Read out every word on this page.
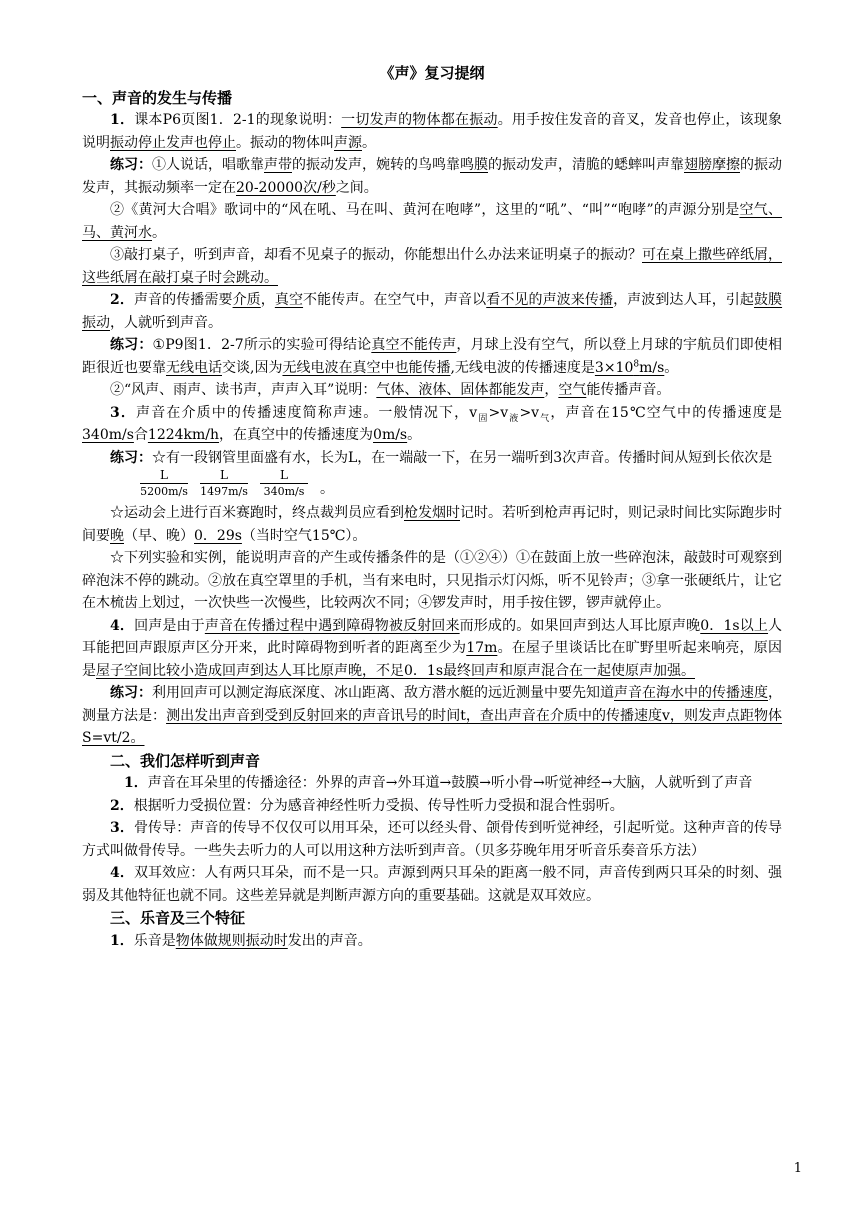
《声》复习提纲
一、声音的发生与传播

1．课本P6页图1．2-1的现象说明：一切发声的物体都在振动。用手按住发音的音叉，发音也停止，该现象说明振动停止发声也停止。振动的物体叫声源。

练习：①人说话，唱歌靠声带的振动发声，婉转的鸟鸣靠鸣膜的振动发声，清脆的蟋蟀叫声靠翅膀摩擦的振动发声，其振动频率一定在20-20000次/秒之间。

②《黄河大合唱》歌词中的“风在吼、马在叫、黄河在咆哮”，这里的“吼”、“叫”“咆哮”的声源分别是空气、马、黄河水。

③敲打桌子，听到声音，却看不见桌子的振动，你能想出什么办法来证明桌子的振动？可在桌上撒些碎纸屑，这些纸屑在敲打桌子时会跳动。

2．声音的传播需要介质，真空不能传声。在空气中，声音以看不见的声波来传播，声波到达人耳，引起鼓膜振动，人就听到声音。

练习：①P9图1．2-7所示的实验可得结论真空不能传声，月球上没有空气，所以登上月球的宇航员们即使相距很近也要靠无线电话交谈,因为无线电波在真空中也能传播,无线电波的传播速度是$3\times 10^8m/s$。

②“风声、雨声、读书声，声声入耳”说明：气体、液体、固体都能发声，空气能传播声音。

3．声音在介质中的传播速度简称声速。一般情况下，$v_固>v_液>v_气$，声音在15℃空气中的传播速度是340m/s合1224km/h，在真空中的传播速度为0m/s。

练习：☆有一段钢管里面盛有水，长为L，在一端敲一下，在另一端听到3次声音。传播时间从短到长依次是

$\frac{L}{5200m/s} \frac{L}{1497m/s} \frac{L}{340m/s}$ 。

☆运动会上进行百米赛跑时，终点裁判员应看到枪发烟时记时。若听到枪声再记时，则记录时间比实际跑步时间要晚（早、晚）0．29s（当时空气15℃）。

☆下列实验和实例，能说明声音的产生或传播条件的是（①②④）①在鼓面上放一些碎泡沫，敲鼓时可观察到碎泡沫不停的跳动。②放在真空罩里的手机，当有来电时，只见指示灯闪烁，听不见铃声；③拿一张硬纸片，让它在木梳齿上划过，一次快些一次慢些，比较两次不同；④锣发声时，用手按住锣，锣声就停止。

4．回声是由于声音在传播过程中遇到障碍物被反射回来而形成的。如果回声到达人耳比原声晚0．1s以上人耳能把回声跟原声区分开来，此时障碍物到听者的距离至少为17m。在屋子里谈话比在旷野里听起来响亮，原因是屋子空间比较小造成回声到达人耳比原声晚，不足0．1s最终回声和原声混合在一起使原声加强。

练习：利用回声可以测定海底深度、冰山距离、敌方潜水艇的远近测量中要先知道声音在海水中的传播速度，测量方法是：测出发出声音到受到反射回来的声音讯号的时间t，查出声音在介质中的传播速度v，则发声点距物体S=vt/2。

二、我们怎样听到声音

1．声音在耳朵里的传播途径：外界的声音→外耳道→鼓膜→听小骨→听觉神经→大脑，人就听到了声音

2．根据听力受损位置：分为感音神经性听力受损、传导性听力受损和混合性弱听。

3．骨传导：声音的传导不仅仅可以用耳朵，还可以经头骨、颌骨传到听觉神经，引起听觉。这种声音的传导方式叫做骨传导。一些失去听力的人可以用这种方法听到声音。（贝多芬晚年用牙听音乐奏音乐方法）

4．双耳效应：人有两只耳朵，而不是一只。声源到两只耳朵的距离一般不同，声音传到两只耳朵的时刻、强弱及其他特征也就不同。这些差异就是判断声源方向的重要基础。这就是双耳效应。

三、乐音及三个特征

1．乐音是物体做规则振动时发出的声音。

1
